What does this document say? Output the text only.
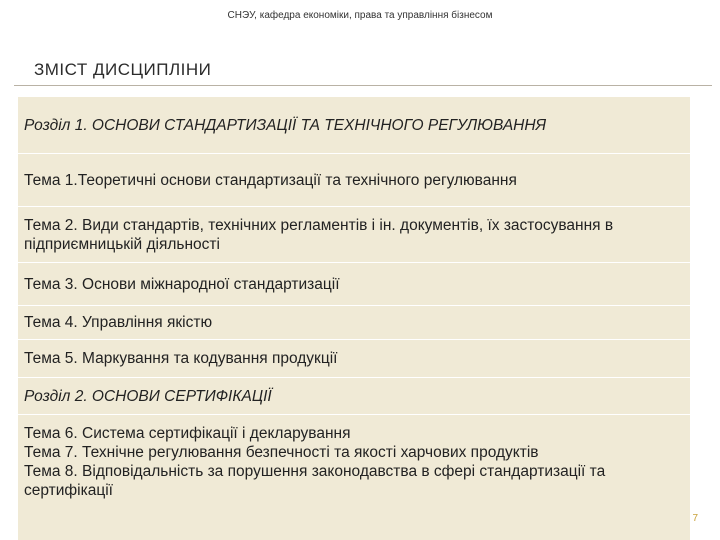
СНЭУ, кафедра економіки, права та управління бізнесом
ЗМІСТ ДИСЦИПЛІНИ
Розділ 1. ОСНОВИ СТАНДАРТИЗАЦІЇ ТА ТЕХНІЧНОГО РЕГУЛЮВАННЯ
Тема 1.Теоретичні основи стандартизації та технічного регулювання
Тема 2. Види стандартів, технічних регламентів і ін. документів, їх застосування в підприємницькій діяльності
Тема 3. Основи міжнародної стандартизації
Тема 4. Управління якістю
Тема 5. Маркування та кодування продукції
Розділ 2. ОСНОВИ СЕРТИФІКАЦІЇ
Тема 6. Система сертифікації і декларування
Тема 7. Технічне регулювання безпечності та якості харчових продуктів
Тема 8. Відповідальність за порушення законодавства в сфері стандартизації та сертифікації
7
